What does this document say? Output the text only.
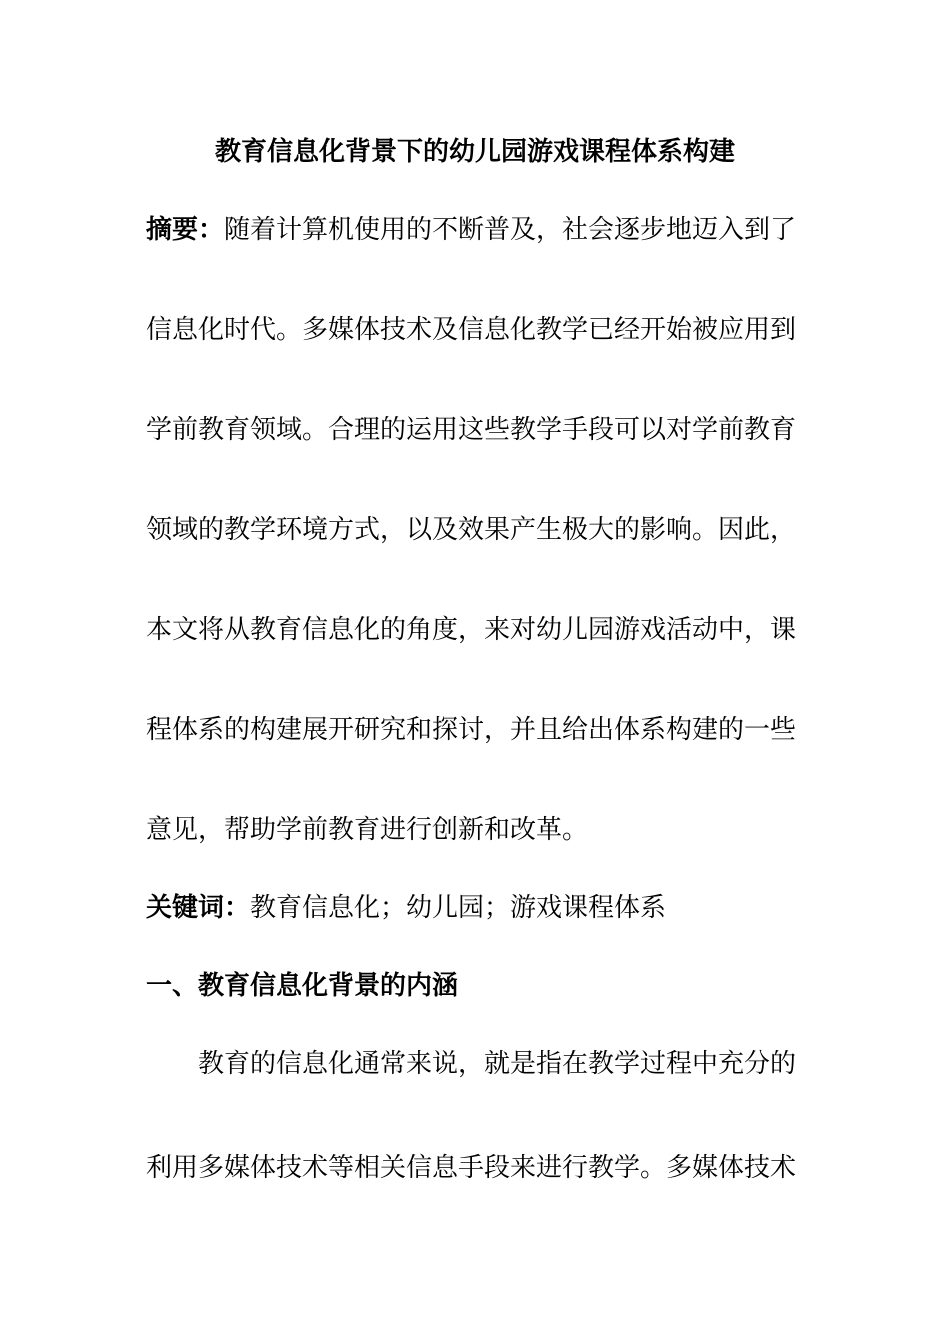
教育信息化背景下的幼儿园游戏课程体系构建
摘要：随着计算机使用的不断普及，社会逐步地迈入到了
信息化时代。多媒体技术及信息化教学已经开始被应用到
学前教育领域。合理的运用这些教学手段可以对学前教育
领域的教学环境方式，以及效果产生极大的影响。因此，
本文将从教育信息化的角度，来对幼儿园游戏活动中，课
程体系的构建展开研究和探讨，并且给出体系构建的一些
意见，帮助学前教育进行创新和改革。
关键词：教育信息化；幼儿园；游戏课程体系
一、教育信息化背景的内涵
教育的信息化通常来说，就是指在教学过程中充分的
利用多媒体技术等相关信息手段来进行教学。多媒体技术
